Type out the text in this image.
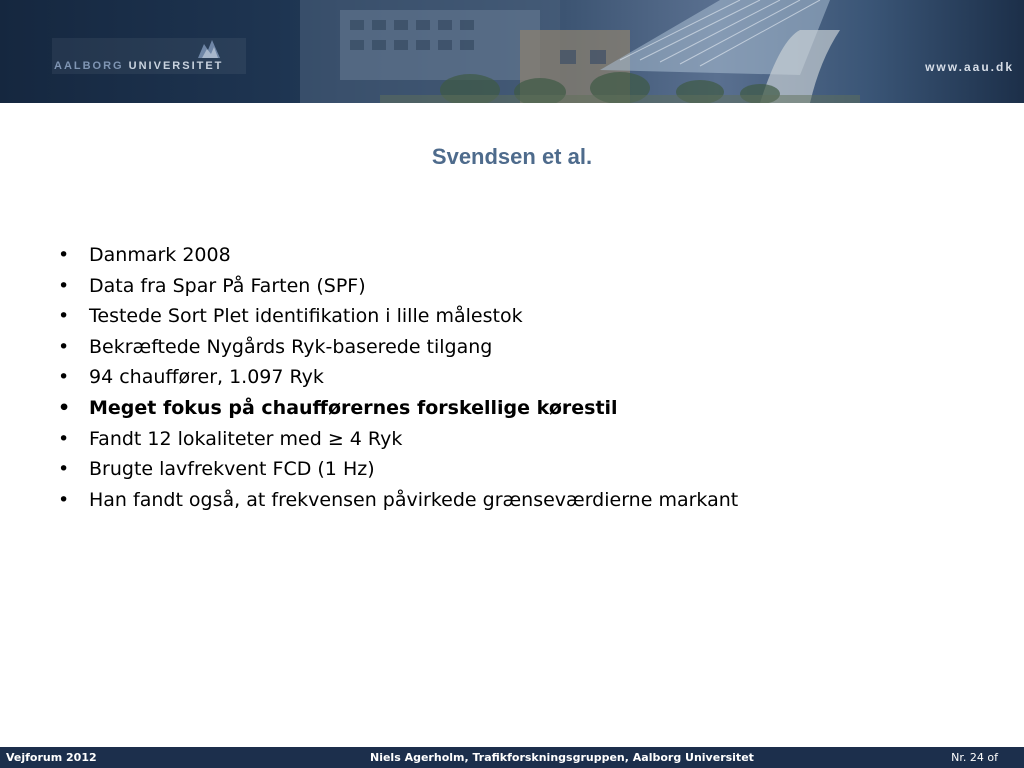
AALBORG UNIVERSITET	www.aau.dk
Svendsen et al.
• Danmark 2008
• Data fra Spar På Farten (SPF)
• Testede Sort Plet identifikation i lille målestok
• Bekræftede Nygårds Ryk-baserede tilgang
• 94 chauffører, 1.097 Ryk
• Meget fokus på chaufførernes forskellige kørestil
• Fandt 12 lokaliteter med ≥ 4 Ryk
• Brugte lavfrekvent FCD (1 Hz)
• Han fandt også, at frekvensen påvirkede grænseværdierne markant
Vejforum 2012	Niels Agerholm, Trafikforskningsgruppen, Aalborg Universitet	Nr. 24 of
